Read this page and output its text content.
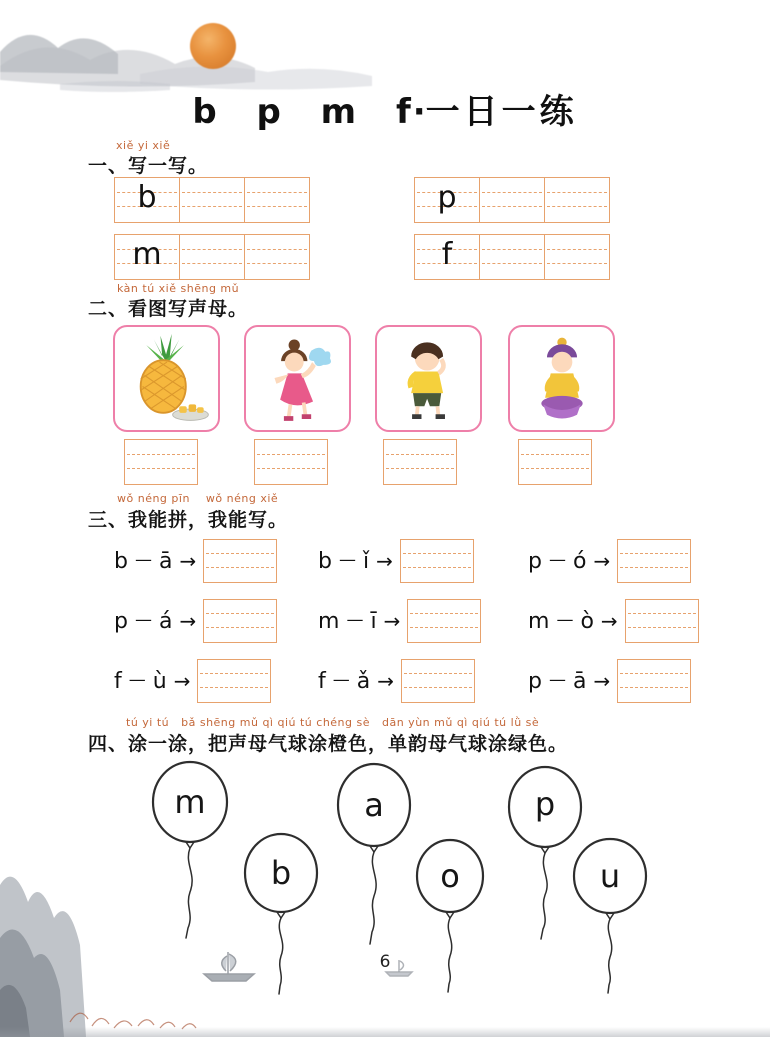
b p m f·一日一练
xiě yi xiě
一、写一写。
b	p
m	f
kàn tú xiě shēng mǔ
二、看图写声母。
wǒ néng pīn    wǒ néng xiě
三、我能拼，我能写。
b — ā →	b — ǐ →	p — ó →
p — á →	m — ī →	m — ò →
f — ù →	f — ǎ →	p — ā →
tú yi tú   bǎ shēng mǔ qì qiú tú chéng sè   dān yùn mǔ qì qiú tú lǜ sè
四、涂一涂，把声母气球涂橙色，单韵母气球涂绿色。
m	a	p
b	o	u
6
